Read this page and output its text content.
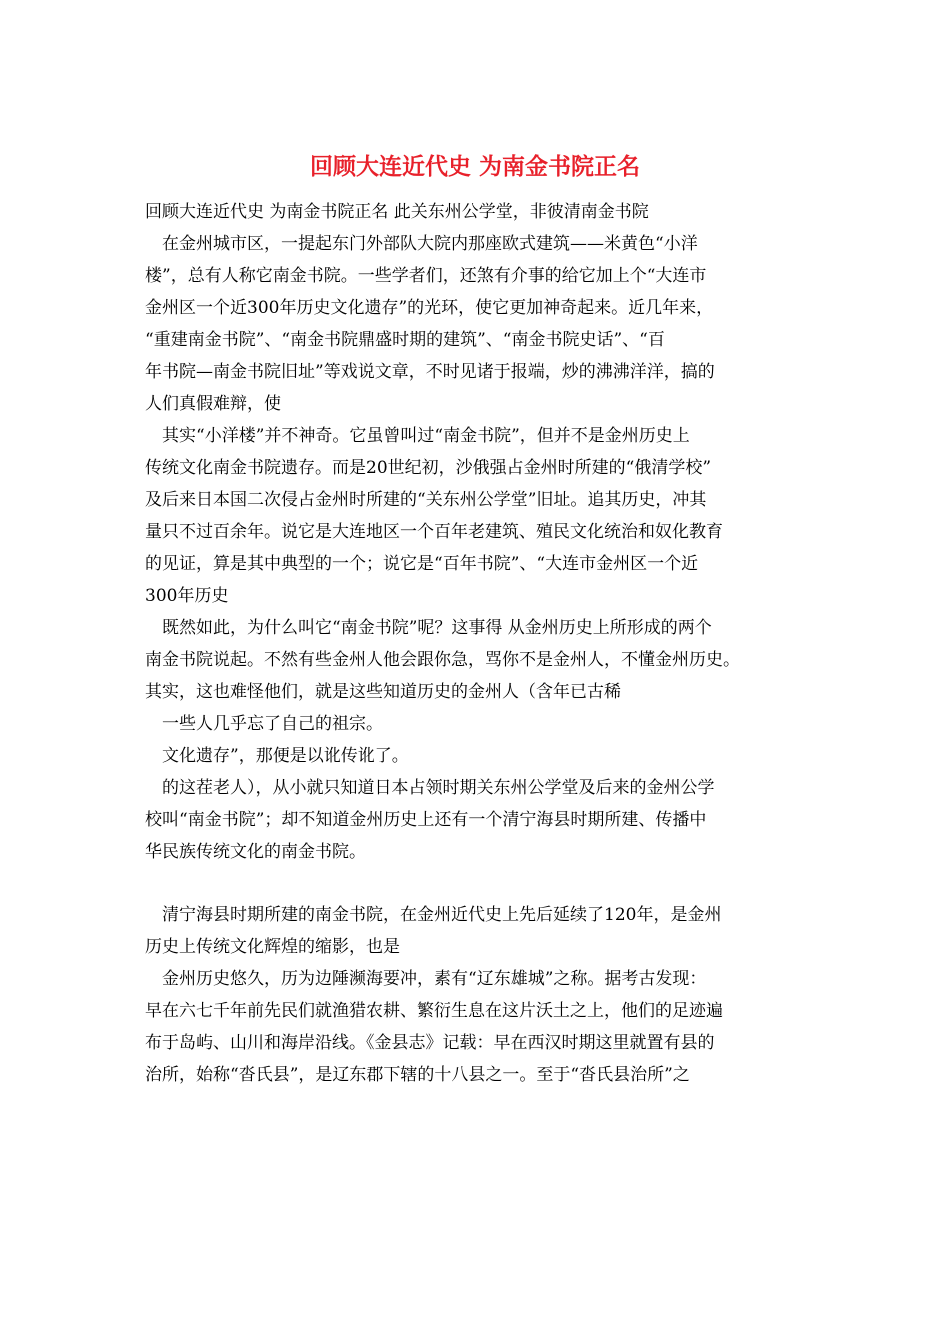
回顾大连近代史 为南金书院正名
回顾大连近代史 为南金书院正名 此关东州公学堂，非彼清南金书院
　在金州城市区，一提起东门外部队大院内那座欧式建筑——米黄色“小洋
楼”，总有人称它南金书院。一些学者们，还煞有介事的给它加上个“大连市
金州区一个近300年历史文化遗存”的光环，使它更加神奇起来。近几年来，
“重建南金书院”、“南金书院鼎盛时期的建筑”、“南金书院史话”、“百
年书院—南金书院旧址”等戏说文章，不时见诸于报端，炒的沸沸洋洋，搞的
人们真假难辩，使
　其实“小洋楼”并不神奇。它虽曾叫过“南金书院”，但并不是金州历史上
传统文化南金书院遗存。而是20世纪初，沙俄强占金州时所建的“俄清学校”
及后来日本国二次侵占金州时所建的“关东州公学堂”旧址。追其历史，冲其
量只不过百余年。说它是大连地区一个百年老建筑、殖民文化统治和奴化教育
的见证，算是其中典型的一个；说它是“百年书院”、“大连市金州区一个近
300年历史
　既然如此，为什么叫它“南金书院”呢？这事得 从金州历史上所形成的两个
南金书院说起。不然有些金州人他会跟你急，骂你不是金州人，不懂金州历史。
其实，这也难怪他们，就是这些知道历史的金州人（含年已古稀
　一些人几乎忘了自己的祖宗。
　文化遗存”，那便是以讹传讹了。
　的这茬老人），从小就只知道日本占领时期关东州公学堂及后来的金州公学
校叫“南金书院”；却不知道金州历史上还有一个清宁海县时期所建、传播中
华民族传统文化的南金书院。
　清宁海县时期所建的南金书院，在金州近代史上先后延续了120年，是金州
历史上传统文化辉煌的缩影，也是
　金州历史悠久，历为边陲濒海要冲，素有“辽东雄城”之称。据考古发现：
早在六七千年前先民们就渔猎农耕、繁衍生息在这片沃土之上，他们的足迹遍
布于岛屿、山川和海岸沿线。《金县志》记载：早在西汉时期这里就置有县的
治所，始称“沓氏县”，是辽东郡下辖的十八县之一。至于“沓氏县治所”之
